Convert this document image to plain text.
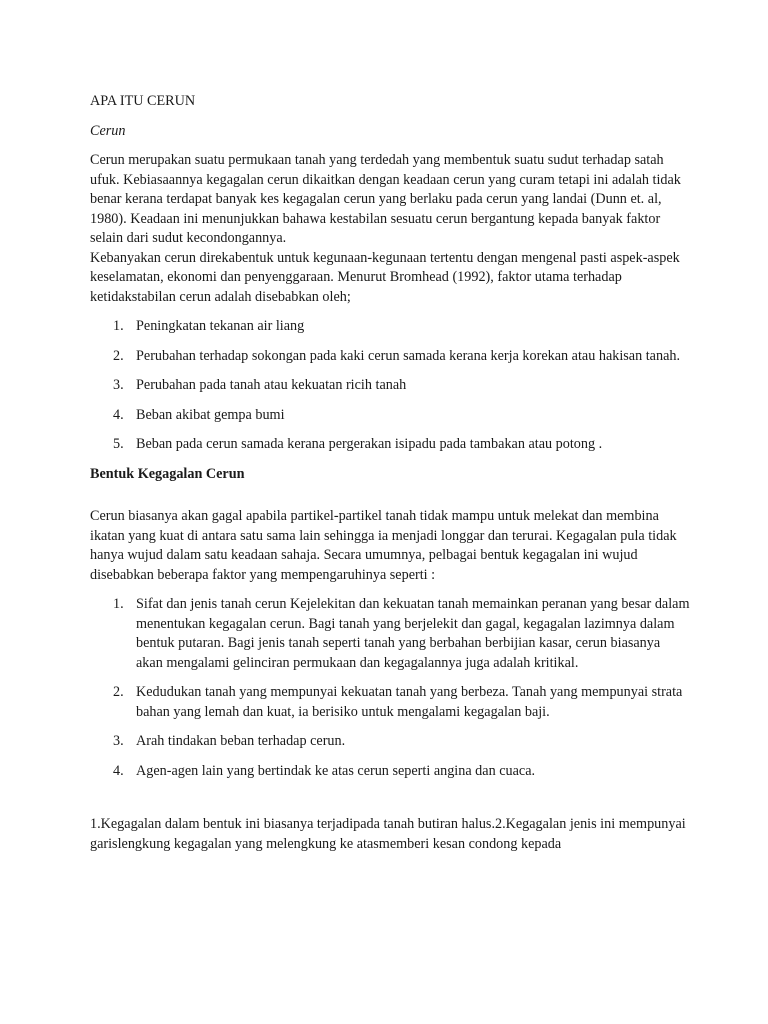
APA ITU CERUN

Cerun

Cerun merupakan suatu permukaan tanah yang terdedah yang membentuk suatu sudut terhadap satah ufuk. Kebiasaannya kegagalan cerun dikaitkan dengan keadaan cerun yang curam tetapi ini adalah tidak benar kerana terdapat banyak kes kegagalan cerun yang berlaku pada cerun yang landai (Dunn et. al, 1980). Keadaan ini menunjukkan bahawa kestabilan sesuatu cerun bergantung kepada banyak faktor selain dari sudut kecondongannya.

Kebanyakan cerun direkabentuk untuk kegunaan-kegunaan tertentu dengan mengenal pasti aspek-aspek keselamatan, ekonomi dan penyenggaraan. Menurut Bromhead (1992), faktor utama terhadap ketidakstabilan cerun adalah disebabkan oleh;

1. Peningkatan tekanan air liang
2. Perubahan terhadap sokongan pada kaki cerun samada kerana kerja korekan atau hakisan tanah.
3. Perubahan pada tanah atau kekuatan ricih tanah
4. Beban akibat gempa bumi
5. Beban pada cerun samada kerana pergerakan isipadu pada tambakan atau potong .

Bentuk Kegagalan Cerun

Cerun biasanya akan gagal apabila partikel-partikel tanah tidak mampu untuk melekat dan membina ikatan yang kuat di antara satu sama lain sehingga ia menjadi longgar dan terurai. Kegagalan pula tidak hanya wujud dalam satu keadaan sahaja. Secara umumnya, pelbagai bentuk kegagalan ini wujud disebabkan beberapa faktor yang mempengaruhinya seperti :

1. Sifat dan jenis tanah cerun Kejelekitan dan kekuatan tanah memainkan peranan yang besar dalam menentukan kegagalan cerun. Bagi tanah yang berjelekit dan gagal, kegagalan lazimnya dalam bentuk putaran. Bagi jenis tanah seperti tanah yang berbahan berbijian kasar, cerun biasanya akan mengalami gelinciran permukaan dan kegagalannya juga adalah kritikal.
2. Kedudukan tanah yang mempunyai kekuatan tanah yang berbeza. Tanah yang mempunyai strata bahan yang lemah dan kuat, ia berisiko untuk mengalami kegagalan baji.
3. Arah tindakan beban terhadap cerun.
4. Agen-agen lain yang bertindak ke atas cerun seperti angina dan cuaca.

1.Kegagalan dalam bentuk ini biasanya terjadipada tanah butiran halus.2.Kegagalan jenis ini mempunyai garislengkung kegagalan yang melengkung ke atasmemberi kesan condong kepada
